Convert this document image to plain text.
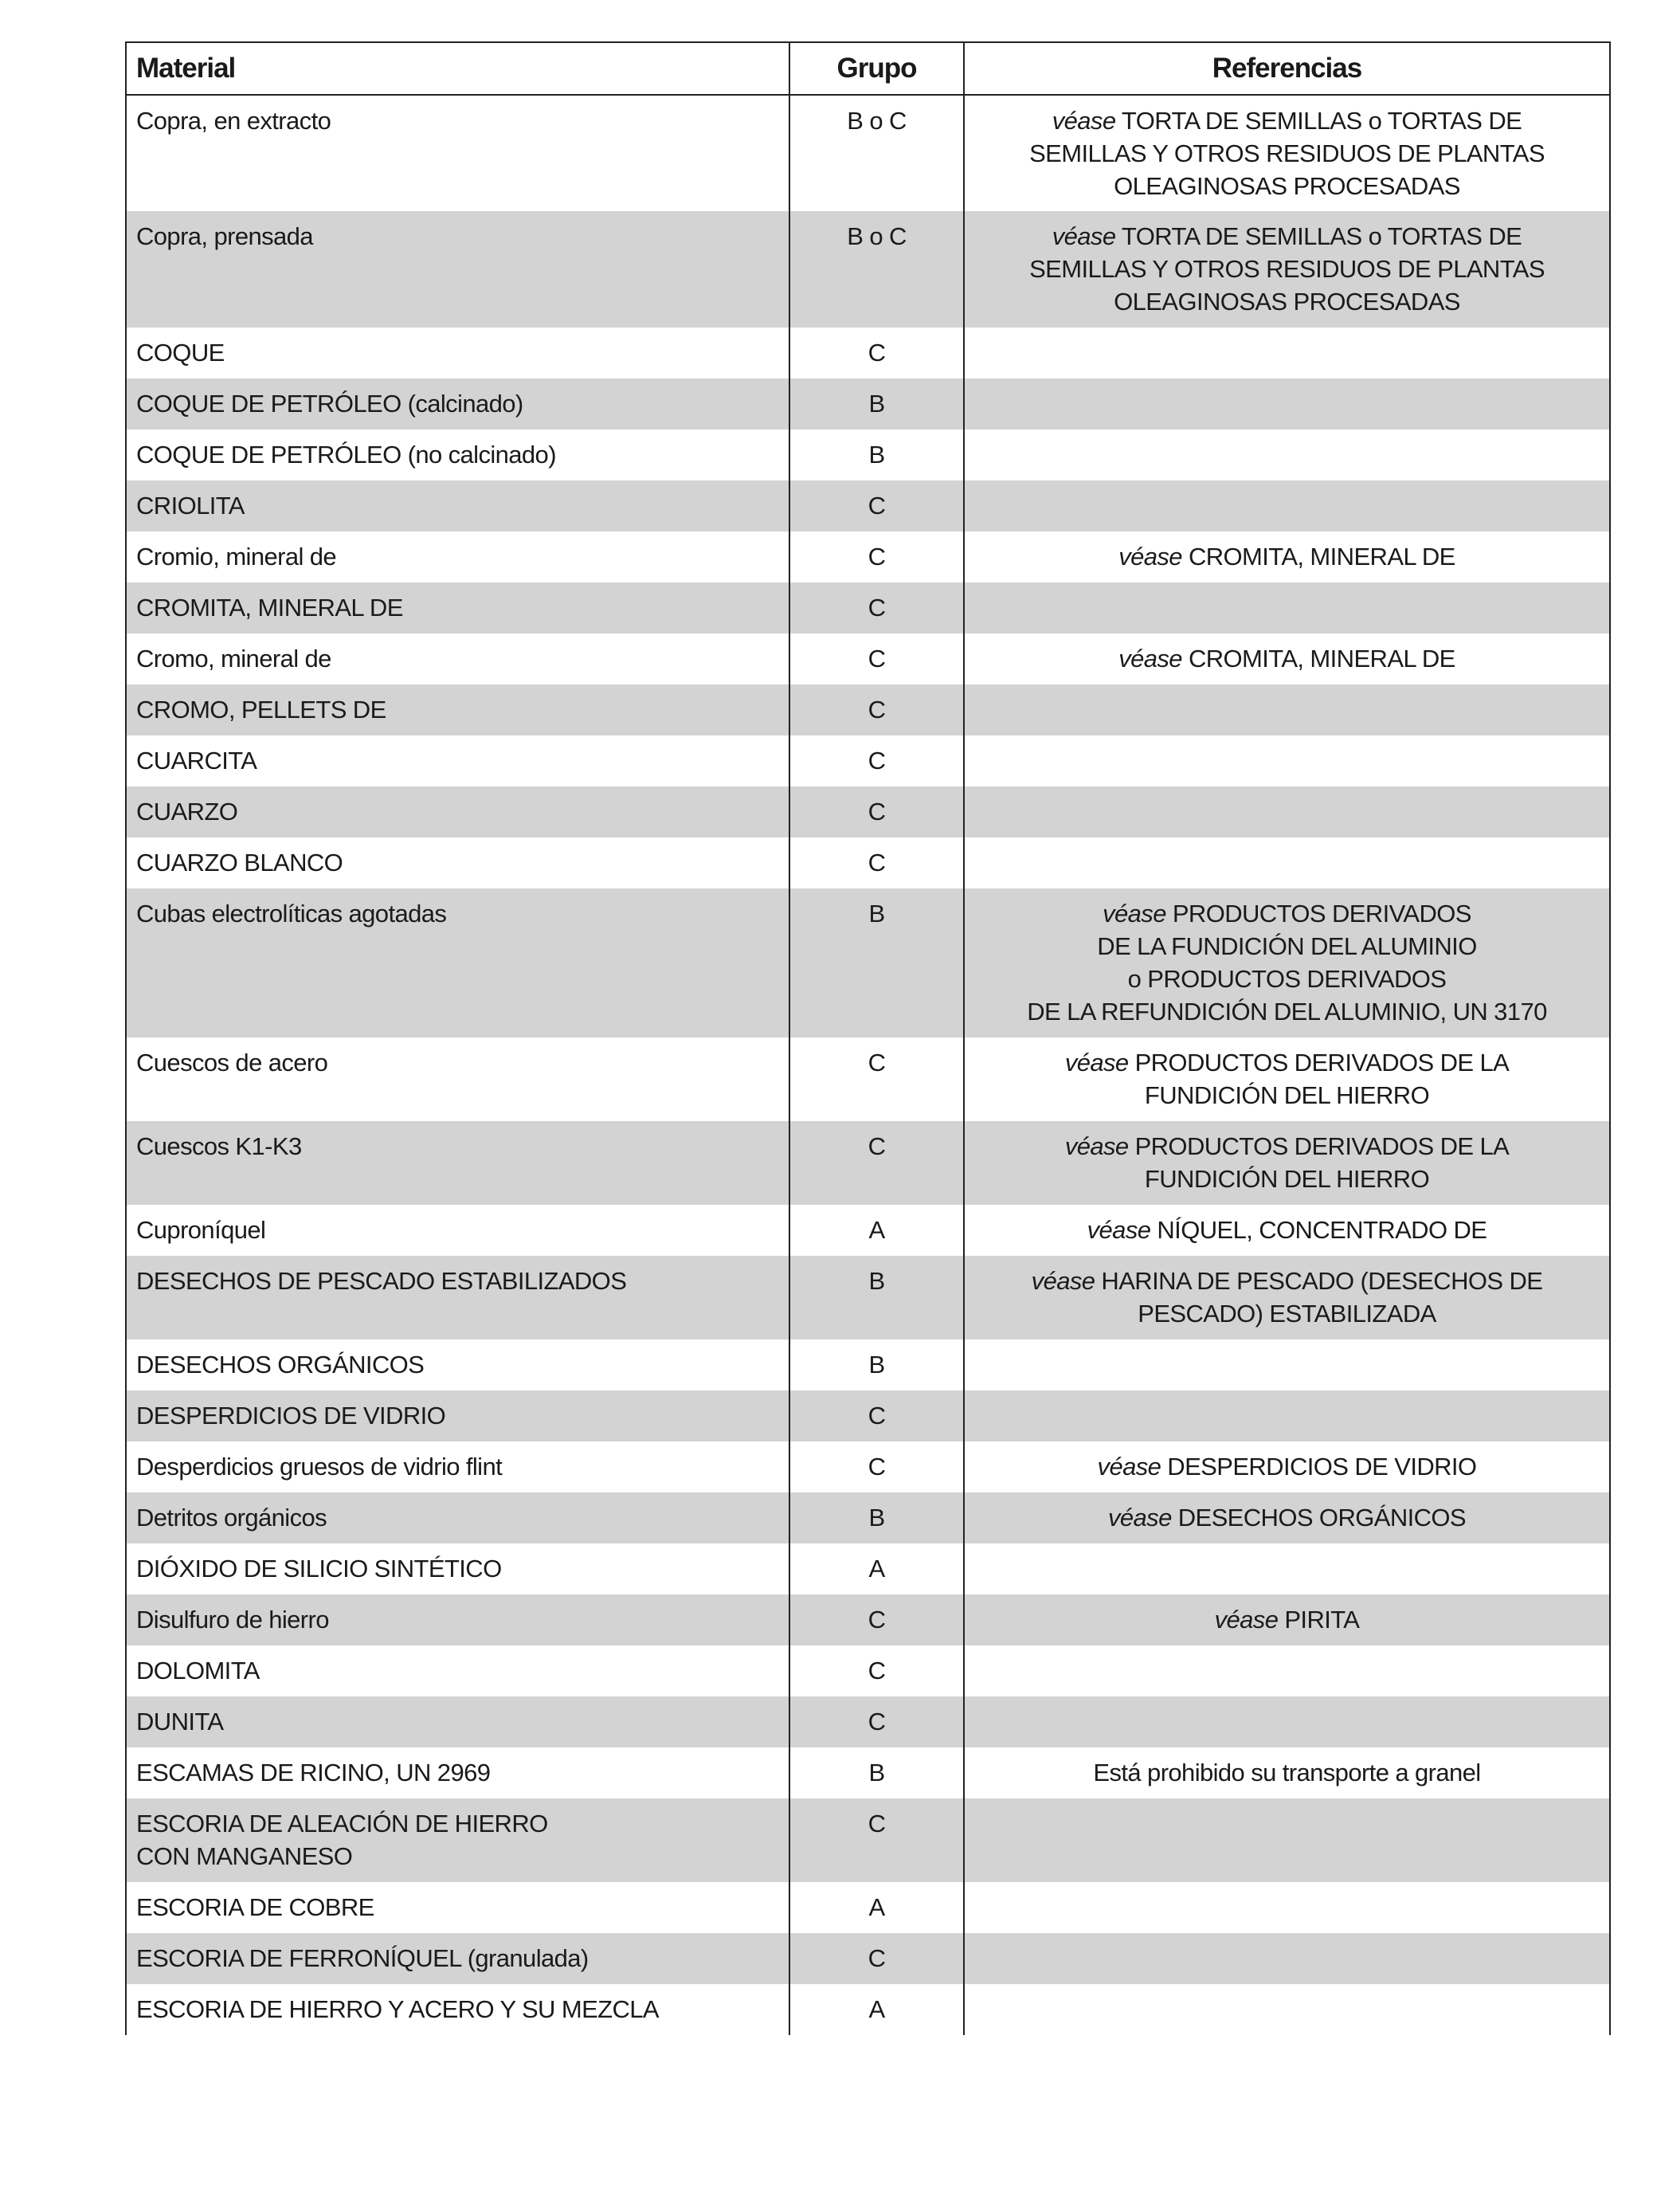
Material	Grupo	Referencias

Copra, en extracto	B o C	véase TORTA DE SEMILLAS o TORTAS DE
SEMILLAS Y OTROS RESIDUOS DE PLANTAS
OLEAGINOSAS PROCESADAS

Copra, prensada	B o C	véase TORTA DE SEMILLAS o TORTAS DE
SEMILLAS Y OTROS RESIDUOS DE PLANTAS
OLEAGINOSAS PROCESADAS

COQUE	C	

COQUE DE PETRÓLEO (calcinado)	B	

COQUE DE PETRÓLEO (no calcinado)	B	

CRIOLITA	C	

Cromio, mineral de	C	véase CROMITA, MINERAL DE

CROMITA, MINERAL DE	C	

Cromo, mineral de	C	véase CROMITA, MINERAL DE

CROMO, PELLETS DE	C	

CUARCITA	C	

CUARZO	C	

CUARZO BLANCO	C	

Cubas electrolíticas agotadas	B	véase PRODUCTOS DERIVADOS
DE LA FUNDICIÓN DEL ALUMINIO
o PRODUCTOS DERIVADOS
DE LA REFUNDICIÓN DEL ALUMINIO, UN 3170

Cuescos de acero	C	véase PRODUCTOS DERIVADOS DE LA
FUNDICIÓN DEL HIERRO

Cuescos K1-K3	C	véase PRODUCTOS DERIVADOS DE LA
FUNDICIÓN DEL HIERRO

Cuproníquel	A	véase NÍQUEL, CONCENTRADO DE

DESECHOS DE PESCADO ESTABILIZADOS	B	véase HARINA DE PESCADO (DESECHOS DE
PESCADO) ESTABILIZADA

DESECHOS ORGÁNICOS	B	

DESPERDICIOS DE VIDRIO	C	

Desperdicios gruesos de vidrio flint	C	véase DESPERDICIOS DE VIDRIO

Detritos orgánicos	B	véase DESECHOS ORGÁNICOS

DIÓXIDO DE SILICIO SINTÉTICO	A	

Disulfuro de hierro	C	véase PIRITA

DOLOMITA	C	

DUNITA	C	

ESCAMAS DE RICINO, UN 2969	B	Está prohibido su transporte a granel

ESCORIA DE ALEACIÓN DE HIERRO
CON MANGANESO	C	

ESCORIA DE COBRE	A	

ESCORIA DE FERRONÍQUEL (granulada)	C	

ESCORIA DE HIERRO Y ACERO Y SU MEZCLA	A	
